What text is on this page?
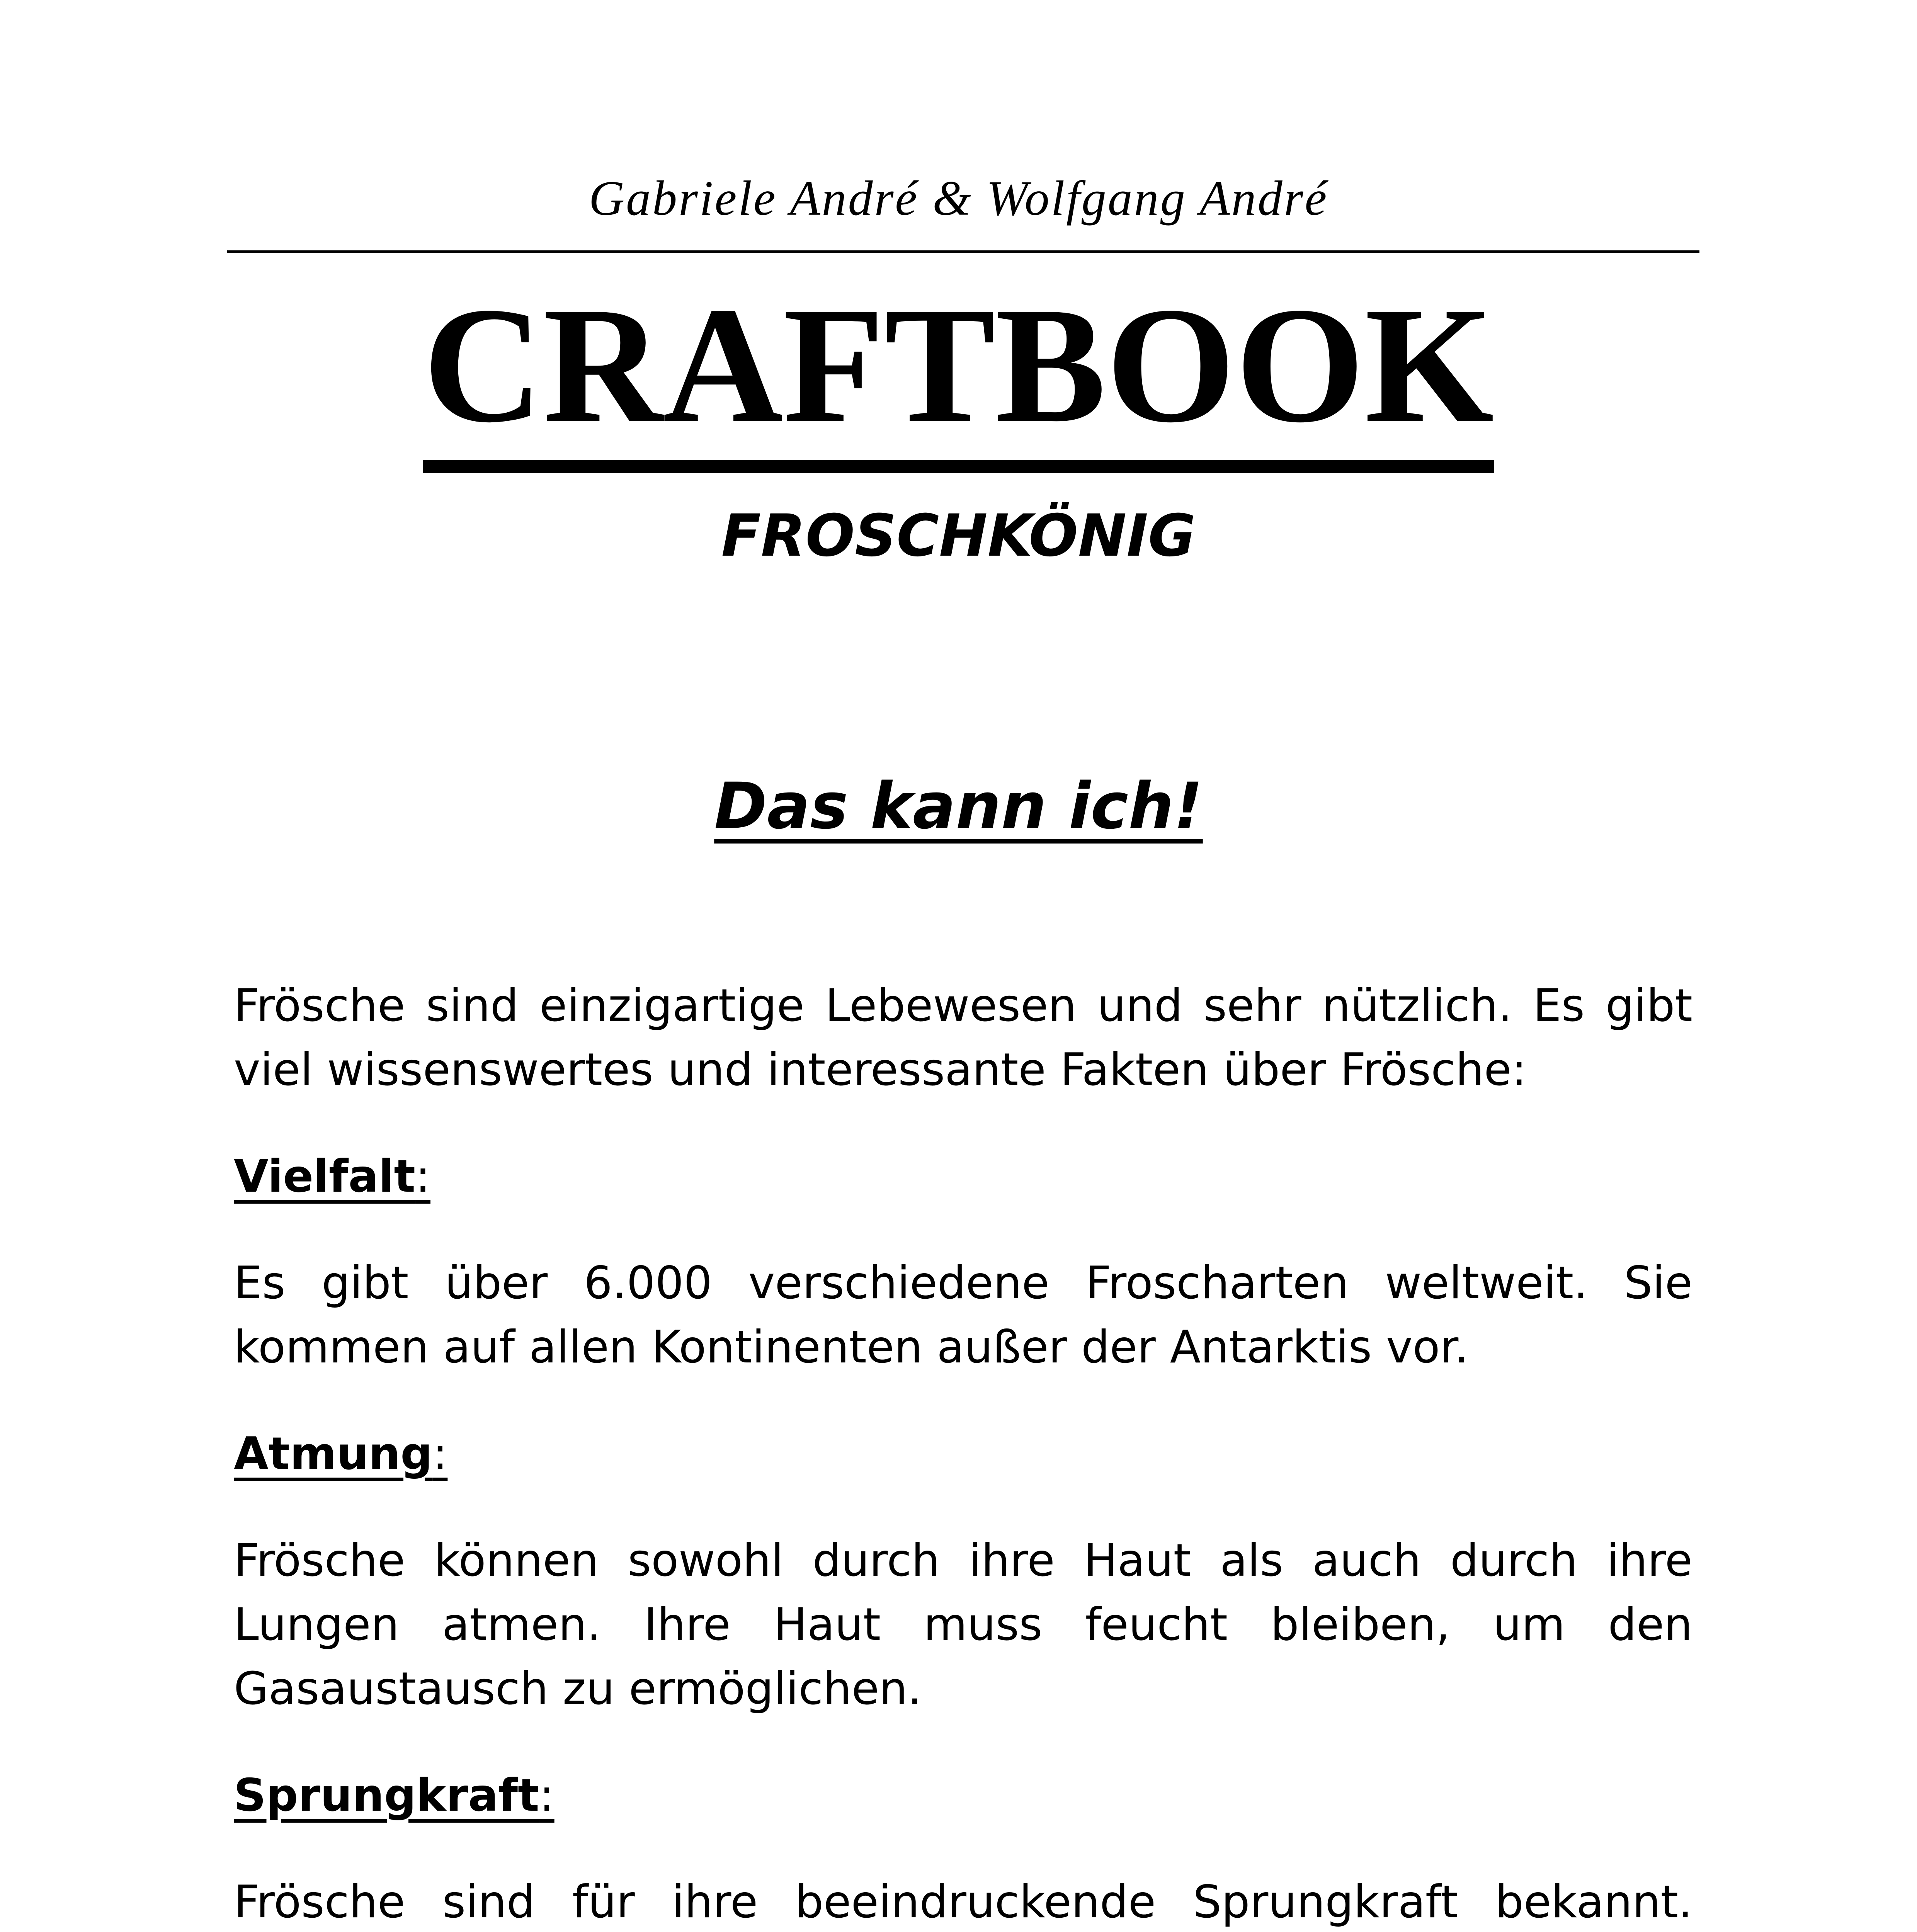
Gabriele André & Wolfgang André
CRAFTBOOK
FROSCHKÖNIG
Das kann ich!

Frösche sind einzigartige Lebewesen und sehr nützlich. Es gibt viel wissenswertes und interessante Fakten über Frösche:

Vielfalt:

Es gibt über 6.000 verschiedene Froscharten weltweit. Sie kommen auf allen Kontinenten außer der Antarktis vor.

Atmung:

Frösche können sowohl durch ihre Haut als auch durch ihre Lungen atmen. Ihre Haut muss feucht bleiben, um den Gasaustausch zu ermöglichen.

Sprungkraft:

Frösche sind für ihre beeindruckende Sprungkraft bekannt.
